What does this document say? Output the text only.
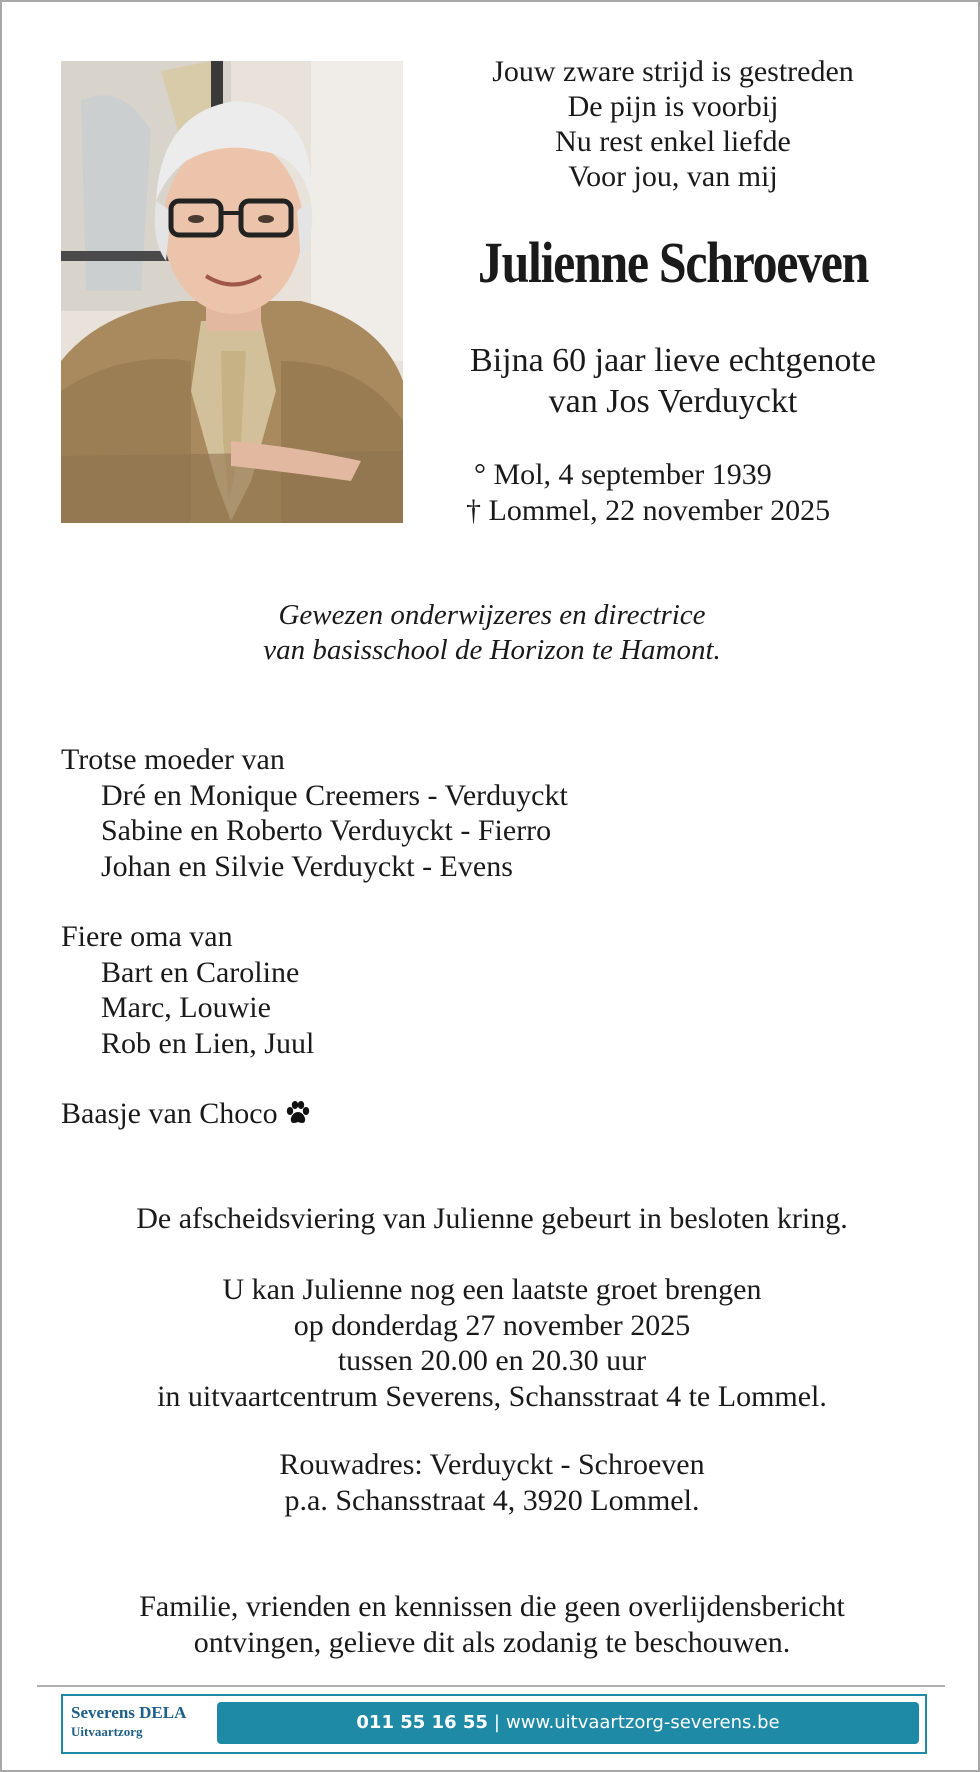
Jouw zware strijd is gestreden
De pijn is voorbij
Nu rest enkel liefde
Voor jou, van mij
Julienne Schroeven
Bijna 60 jaar lieve echtgenote
van Jos Verduyckt
° Mol, 4 september 1939
† Lommel, 22 november 2025
Gewezen onderwijzeres en directrice
van basisschool de Horizon te Hamont.
Trotse moeder van
Dré en Monique Creemers - Verduyckt
Sabine en Roberto Verduyckt - Fierro
Johan en Silvie Verduyckt - Evens
Fiere oma van
Bart en Caroline
Marc, Louwie
Rob en Lien, Juul
Baasje van Choco
De afscheidsviering van Julienne gebeurt in besloten kring.
U kan Julienne nog een laatste groet brengen
op donderdag 27 november 2025
tussen 20.00 en 20.30 uur
in uitvaartcentrum Severens, Schansstraat 4 te Lommel.
Rouwadres: Verduyckt - Schroeven
p.a. Schansstraat 4, 3920 Lommel.
Familie, vrienden en kennissen die geen overlijdensbericht
ontvingen, gelieve dit als zodanig te beschouwen.
Severens DELA
Uitvaartzorg	011 55 16 55 | www.uitvaartzorg-severens.be
